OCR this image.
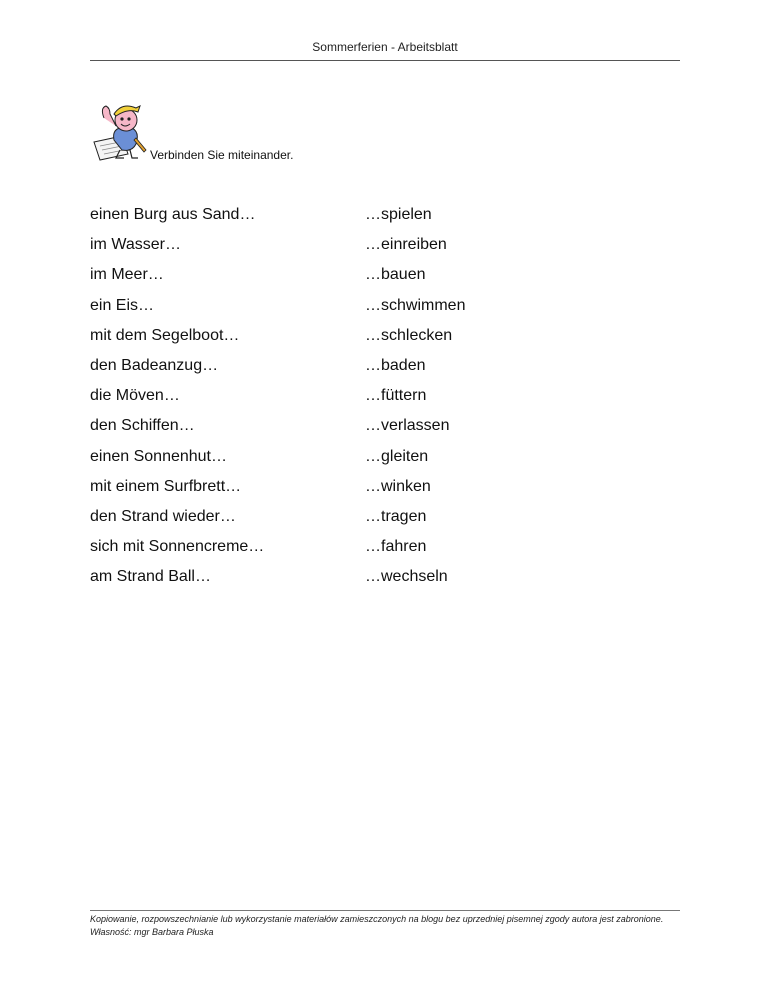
Sommerferien - Arbeitsblatt
Verbinden Sie miteinander.
einen Burg aus Sand…	…spielen
im Wasser…	…einreiben
im Meer…	…bauen
ein Eis…	…schwimmen
mit dem Segelboot…	…schlecken
den Badeanzug…	…baden
die Möven…	…füttern
den Schiffen…	…verlassen
einen Sonnenhut…	…gleiten
mit einem Surfbrett…	…winken
den Strand wieder…	…tragen
sich mit Sonnencreme…	…fahren
am Strand Ball…	…wechseln
Kopiowanie, rozpowszechnianie lub wykorzystanie materiałów zamieszczonych na blogu bez uprzedniej pisemnej zgody autora jest zabronione.
Własność: mgr Barbara Płuska
